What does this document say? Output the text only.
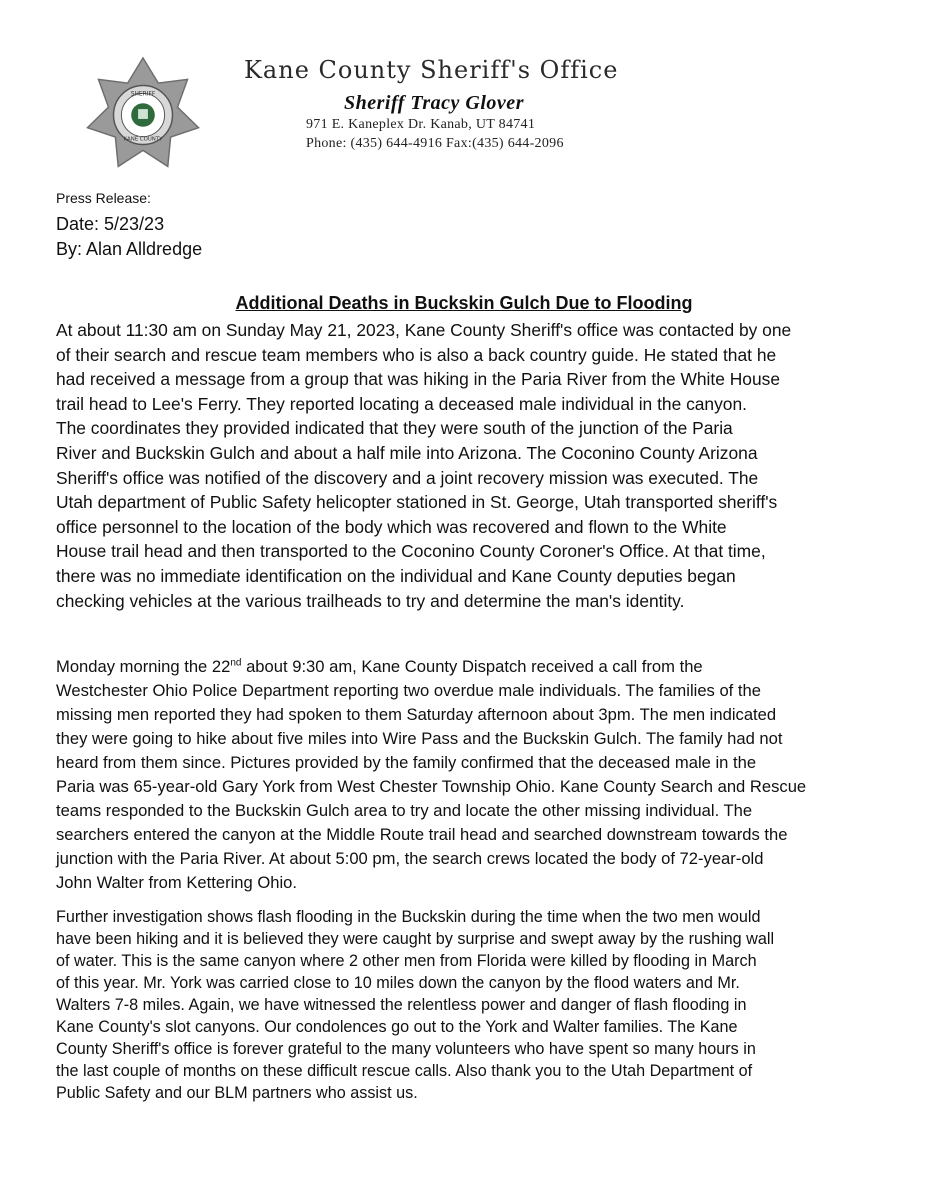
SHERIFF
KANE COUNTY
Kane County Sheriff's Office
Sheriff Tracy Glover
971 E. Kaneplex Dr. Kanab, UT 84741
Phone: (435) 644-4916 Fax:(435) 644-2096
Press Release:
Date: 5/23/23
By: Alan Alldredge
Additional Deaths in Buckskin Gulch Due to Flooding

At about 11:30 am on Sunday May 21, 2023, Kane County Sheriff's office was contacted by one
of their search and rescue team members who is also a back country guide. He stated that he
had received a message from a group that was hiking in the Paria River from the White House
trail head to Lee's Ferry. They reported locating a deceased male individual in the canyon.
The coordinates they provided indicated that they were south of the junction of the Paria
River and Buckskin Gulch and about a half mile into Arizona. The Coconino County Arizona
Sheriff's office was notified of the discovery and a joint recovery mission was executed. The
Utah department of Public Safety helicopter stationed in St. George, Utah transported sheriff's
office personnel to the location of the body which was recovered and flown to the White
House trail head and then transported to the Coconino County Coroner's Office. At that time,
there was no immediate identification on the individual and Kane County deputies began
checking vehicles at the various trailheads to try and determine the man's identity.

Monday morning the 22nd about 9:30 am, Kane County Dispatch received a call from the
Westchester Ohio Police Department reporting two overdue male individuals. The families of the
missing men reported they had spoken to them Saturday afternoon about 3pm. The men indicated
they were going to hike about five miles into Wire Pass and the Buckskin Gulch. The family had not
heard from them since. Pictures provided by the family confirmed that the deceased male in the
Paria was 65-year-old Gary York from West Chester Township Ohio. Kane County Search and Rescue
teams responded to the Buckskin Gulch area to try and locate the other missing individual. The
searchers entered the canyon at the Middle Route trail head and searched downstream towards the
junction with the Paria River. At about 5:00 pm, the search crews located the body of 72-year-old
John Walter from Kettering Ohio.

Further investigation shows flash flooding in the Buckskin during the time when the two men would
have been hiking and it is believed they were caught by surprise and swept away by the rushing wall
of water. This is the same canyon where 2 other men from Florida were killed by flooding in March
of this year. Mr. York was carried close to 10 miles down the canyon by the flood waters and Mr.
Walters 7-8 miles. Again, we have witnessed the relentless power and danger of flash flooding in
Kane County's slot canyons. Our condolences go out to the York and Walter families. The Kane
County Sheriff's office is forever grateful to the many volunteers who have spent so many hours in
the last couple of months on these difficult rescue calls. Also thank you to the Utah Department of
Public Safety and our BLM partners who assist us.
